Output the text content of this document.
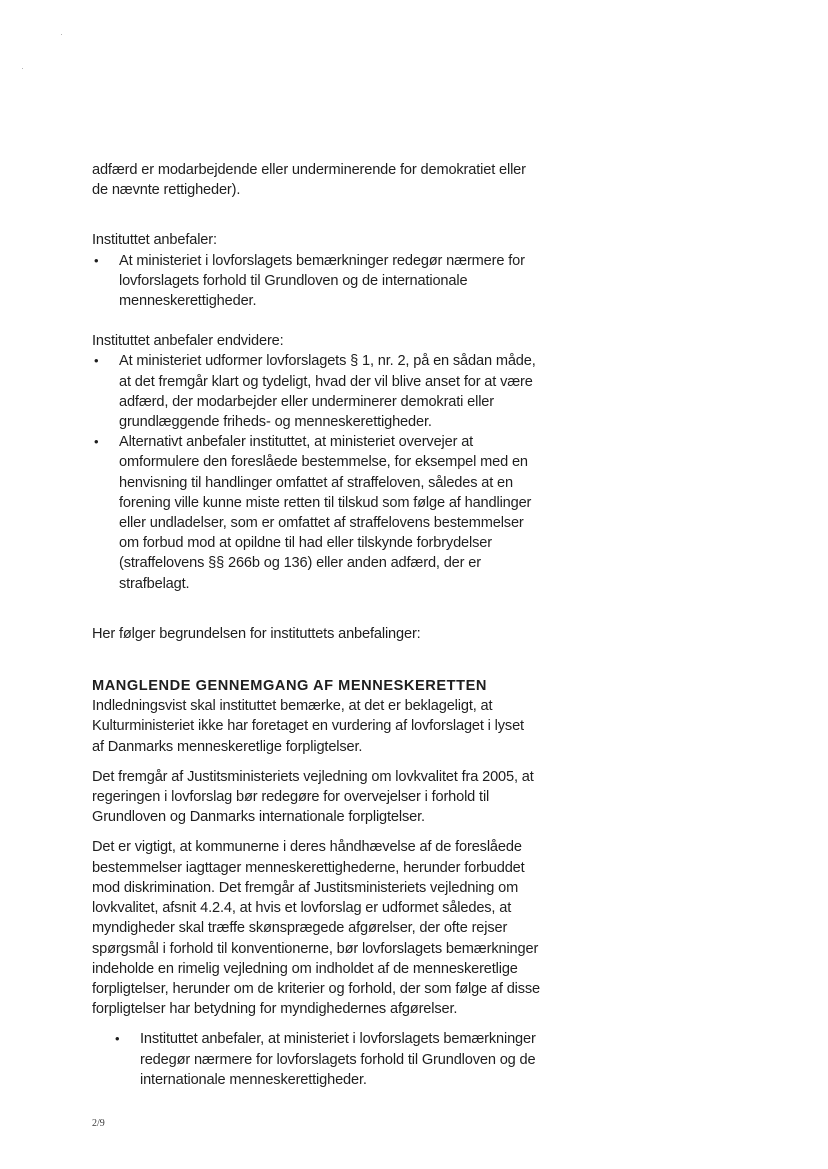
adfærd er modarbejdende eller underminerende for demokratiet eller
de nævnte rettigheder).

Instituttet anbefaler:

• At ministeriet i lovforslagets bemærkninger redegør nærmere for
lovforslagets forhold til Grundloven og de internationale
menneskerettigheder.

Instituttet anbefaler endvidere:

• At ministeriet udformer lovforslagets § 1, nr. 2, på en sådan måde,
at det fremgår klart og tydeligt, hvad der vil blive anset for at være
adfærd, der modarbejder eller underminerer demokrati eller
grundlæggende friheds- og menneskerettigheder.
• Alternativt anbefaler instituttet, at ministeriet overvejer at
omformulere den foreslåede bestemmelse, for eksempel med en
henvisning til handlinger omfattet af straffeloven, således at en
forening ville kunne miste retten til tilskud som følge af handlinger
eller undladelser, som er omfattet af straffelovens bestemmelser
om forbud mod at opildne til had eller tilskynde forbrydelser
(straffelovens §§ 266b og 136) eller anden adfærd, der er
strafbelagt.

Her følger begrundelsen for instituttets anbefalinger:

MANGLENDE GENNEMGANG AF MENNESKERETTEN

Indledningsvist skal instituttet bemærke, at det er beklageligt, at
Kulturministeriet ikke har foretaget en vurdering af lovforslaget i lyset
af Danmarks menneskeretlige forpligtelser.

Det fremgår af Justitsministeriets vejledning om lovkvalitet fra 2005, at
regeringen i lovforslag bør redegøre for overvejelser i forhold til
Grundloven og Danmarks internationale forpligtelser.

Det er vigtigt, at kommunerne i deres håndhævelse af de foreslåede
bestemmelser iagttager menneskerettighederne, herunder forbuddet
mod diskrimination. Det fremgår af Justitsministeriets vejledning om
lovkvalitet, afsnit 4.2.4, at hvis et lovforslag er udformet således, at
myndigheder skal træffe skønsprægede afgørelser, der ofte rejser
spørgsmål i forhold til konventionerne, bør lovforslagets bemærkninger
indeholde en rimelig vejledning om indholdet af de menneskeretlige
forpligtelser, herunder om de kriterier og forhold, der som følge af disse
forpligtelser har betydning for myndighedernes afgørelser.

• Instituttet anbefaler, at ministeriet i lovforslagets bemærkninger
redegør nærmere for lovforslagets forhold til Grundloven og de
internationale menneskerettigheder.
2/9
